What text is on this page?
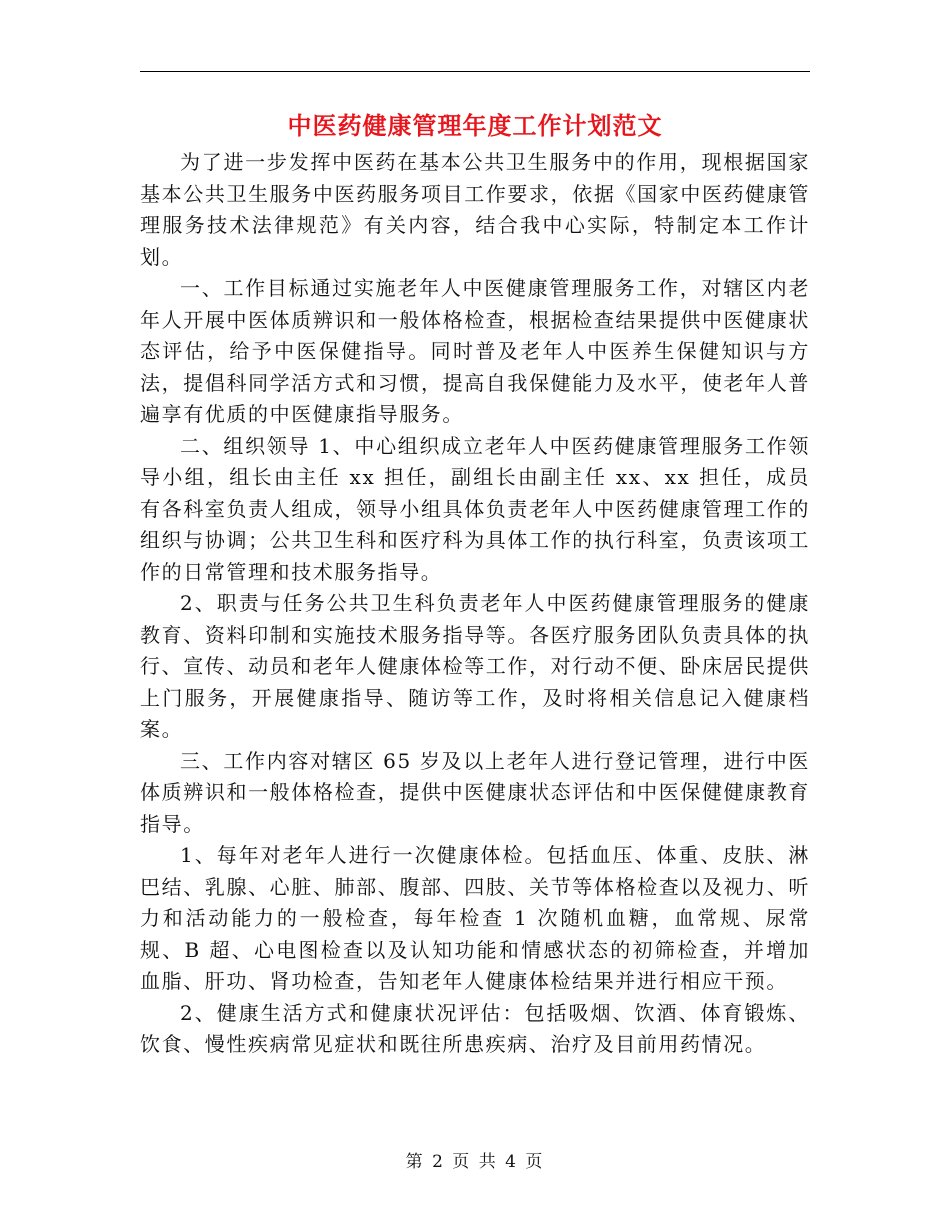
中医药健康管理年度工作计划范文

为了进一步发挥中医药在基本公共卫生服务中的作用，现根据国家基本公共卫生服务中医药服务项目工作要求，依据《国家中医药健康管理服务技术法律规范》有关内容，结合我中心实际，特制定本工作计划。

一、工作目标通过实施老年人中医健康管理服务工作，对辖区内老年人开展中医体质辨识和一般体格检查，根据检查结果提供中医健康状态评估，给予中医保健指导。同时普及老年人中医养生保健知识与方法，提倡科同学活方式和习惯，提高自我保健能力及水平，使老年人普遍享有优质的中医健康指导服务。

二、组织领导 1、中心组织成立老年人中医药健康管理服务工作领导小组，组长由主任 xx 担任，副组长由副主任 xx、xx 担任，成员有各科室负责人组成，领导小组具体负责老年人中医药健康管理工作的组织与协调；公共卫生科和医疗科为具体工作的执行科室，负责该项工作的日常管理和技术服务指导。

2、职责与任务公共卫生科负责老年人中医药健康管理服务的健康教育、资料印制和实施技术服务指导等。各医疗服务团队负责具体的执行、宣传、动员和老年人健康体检等工作，对行动不便、卧床居民提供上门服务，开展健康指导、随访等工作，及时将相关信息记入健康档案。

三、工作内容对辖区 65 岁及以上老年人进行登记管理，进行中医体质辨识和一般体格检查，提供中医健康状态评估和中医保健健康教育指导。

1、每年对老年人进行一次健康体检。包括血压、体重、皮肤、淋巴结、乳腺、心脏、肺部、腹部、四肢、关节等体格检查以及视力、听力和活动能力的一般检查，每年检查 1 次随机血糖，血常规、尿常规、B 超、心电图检查以及认知功能和情感状态的初筛检查，并增加血脂、肝功、肾功检查，告知老年人健康体检结果并进行相应干预。

2、健康生活方式和健康状况评估：包括吸烟、饮酒、体育锻炼、饮食、慢性疾病常见症状和既往所患疾病、治疗及目前用药情况。

第 2 页 共 4 页
